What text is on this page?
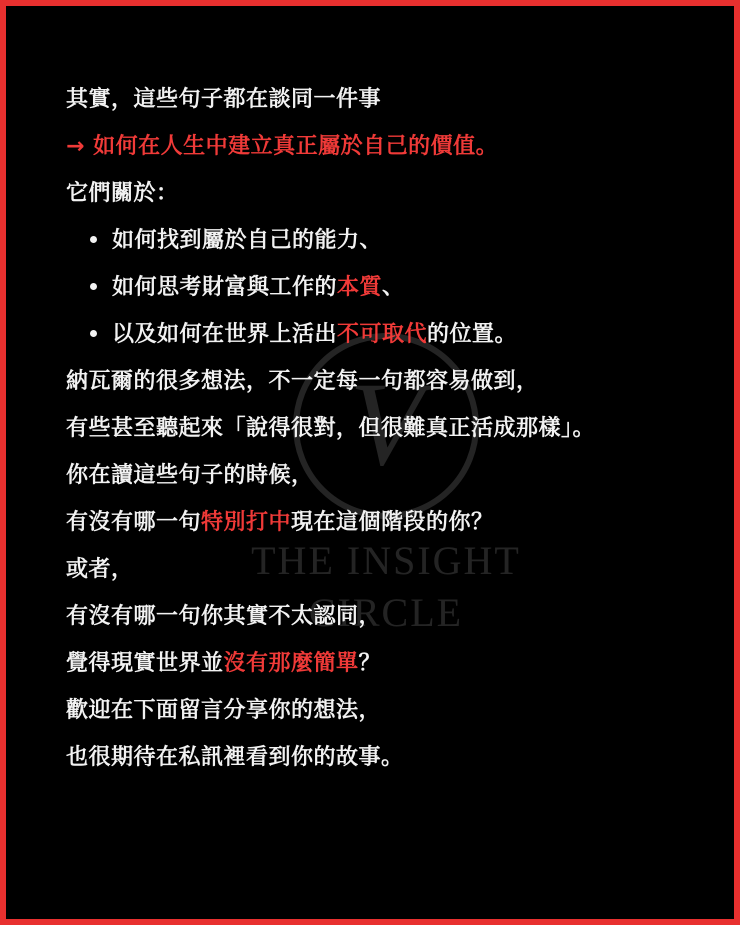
V
THE INSIGHT
CIRCLE
其實，這些句子都在談同一件事
→ 如何在人生中建立真正屬於自己的價值。
它們關於：
如何找到屬於自己的能力、
如何思考財富與工作的本質、
以及如何在世界上活出不可取代的位置。
納瓦爾的很多想法，不一定每一句都容易做到，
有些甚至聽起來「說得很對，但很難真正活成那樣」。
你在讀這些句子的時候，
有沒有哪一句特別打中現在這個階段的你？
或者，
有沒有哪一句你其實不太認同，
覺得現實世界並沒有那麼簡單？
歡迎在下面留言分享你的想法，
也很期待在私訊裡看到你的故事。
